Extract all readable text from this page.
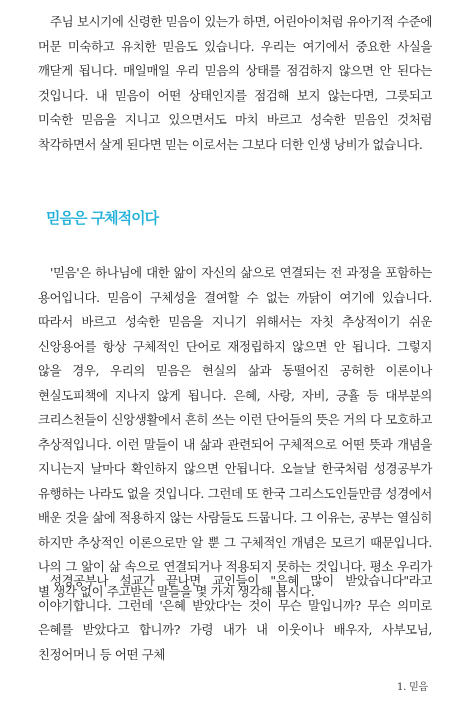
주님 보시기에 신령한 믿음이 있는가 하면, 어린아이처럼 유아기적 수준에 머문 미숙하고 유치한 믿음도 있습니다. 우리는 여기에서 중요한 사실을 깨닫게 됩니다. 매일매일 우리 믿음의 상태를 점검하지 않으면 안 된다는 것입니다. 내 믿음이 어떤 상태인지를 점검해 보지 않는다면, 그릇되고 미숙한 믿음을 지니고 있으면서도 마치 바르고 성숙한 믿음인 것처럼 착각하면서 살게 된다면 믿는 이로서는 그보다 더한 인생 낭비가 없습니다.

믿음은 구체적이다

'믿음'은 하나님에 대한 앎이 자신의 삶으로 연결되는 전 과정을 포함하는 용어입니다. 믿음이 구체성을 결여할 수 없는 까닭이 여기에 있습니다. 따라서 바르고 성숙한 믿음을 지니기 위해서는 자칫 추상적이기 쉬운 신앙용어를 항상 구체적인 단어로 재정립하지 않으면 안 됩니다. 그렇지 않을 경우, 우리의 믿음은 현실의 삶과 동떨어진 공허한 이론이나 현실도피책에 지나지 않게 됩니다. 은혜, 사랑, 자비, 긍휼 등 대부분의 크리스천들이 신앙생활에서 흔히 쓰는 이런 단어들의 뜻은 거의 다 모호하고 추상적입니다. 이런 말들이 내 삶과 관련되어 구체적으로 어떤 뜻과 개념을 지니는지 날마다 확인하지 않으면 안됩니다. 오늘날 한국처럼 성경공부가 유행하는 나라도 없을 것입니다. 그런데 또 한국 그리스도인들만큼 성경에서 배운 것을 삶에 적용하지 않는 사람들도 드뭅니다. 그 이유는, 공부는 열심히 하지만 추상적인 이론으로만 알 뿐 그 구체적인 개념은 모르기 때문입니다. 나의 그 앎이 삶 속으로 연결되거나 적용되지 못하는 것입니다. 평소 우리가 별 생각 없이 주고받는 말들을 몇 가지 생각해 봅시다.

성경공부나 설교가 끝나면 교인들이 "은혜 많이 받았습니다"라고 이야기합니다. 그런데 '은혜 받았다'는 것이 무슨 말입니까? 무슨 의미로 은혜를 받았다고 합니까? 가령 내가 내 이웃이나 배우자, 사부모님, 친정어머니 등 어떤 구체

1. 믿음
